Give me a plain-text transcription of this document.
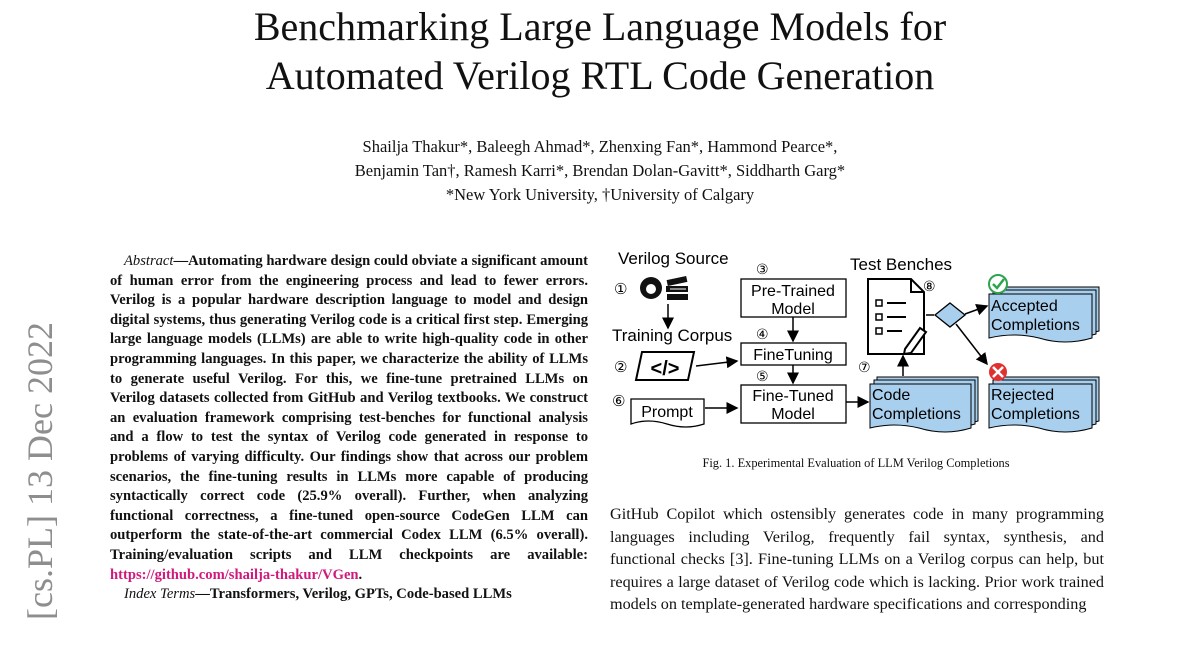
Benchmarking Large Language Models for
Automated Verilog RTL Code Generation
Shailja Thakur*, Baleegh Ahmad*, Zhenxing Fan*, Hammond Pearce*,
Benjamin Tan†, Ramesh Karri*, Brendan Dolan-Gavitt*, Siddharth Garg*
*New York University, †University of Calgary
[cs.PL] 13 Dec 2022

Abstract—Automating hardware design could obviate a significant amount of human error from the engineering process and lead to fewer errors. Verilog is a popular hardware description language to model and design digital systems, thus generating Verilog code is a critical first step. Emerging large language models (LLMs) are able to write high-quality code in other programming languages. In this paper, we characterize the ability of LLMs to generate useful Verilog. For this, we fine-tune pretrained LLMs on Verilog datasets collected from GitHub and Verilog textbooks. We construct an evaluation framework comprising test-benches for functional analysis and a flow to test the syntax of Verilog code generated in response to problems of varying difficulty. Our findings show that across our problem scenarios, the fine-tuning results in LLMs more capable of producing syntactically correct code (25.9% overall). Further, when analyzing functional correctness, a fine-tuned open-source CodeGen LLM can outperform the state-of-the-art commercial Codex LLM (6.5% overall). Training/evaluation scripts and LLM checkpoints are available: https://github.com/shailja-thakur/VGen.

Index Terms—Transformers, Verilog, GPTs, Code-based LLMs

Verilog Source
①
Training Corpus
② </>
③
Pre-Trained
Model
④
FineTuning
⑤
Fine-Tuned
Model
⑥
Prompt
Test Benches
⑧
⑦
Accepted
Completions
Code
Completions
Rejected
Completions
Fig. 1. Experimental Evaluation of LLM Verilog Completions
GitHub Copilot which ostensibly generates code in many programming languages including Verilog, frequently fail syntax, synthesis, and functional checks [3]. Fine-tuning LLMs on a Verilog corpus can help, but requires a large dataset of Verilog code which is lacking. Prior work trained models on template-generated hardware specifications and corresponding
